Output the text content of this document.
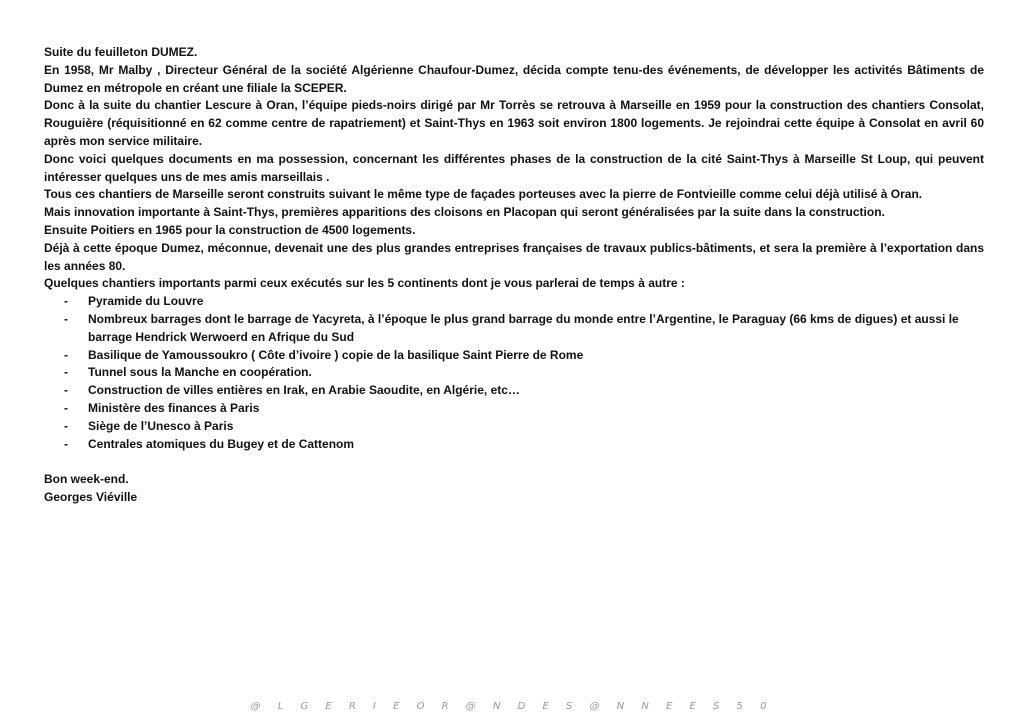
Suite du feuilleton DUMEZ.

En 1958, Mr Malby , Directeur Général de la société Algérienne Chaufour-Dumez, décida compte tenu-des événements, de développer les activités Bâtiments de Dumez en métropole en créant une filiale la SCEPER.

Donc à la suite du chantier Lescure à Oran, l’équipe pieds-noirs dirigé par Mr Torrès se retrouva à Marseille en 1959 pour la construction des chantiers Consolat, Rouguière (réquisitionné en 62 comme centre de rapatriement) et Saint-Thys en 1963 soit environ 1800 logements. Je rejoindrai cette équipe à Consolat en avril 60 après mon service militaire.

Donc voici quelques documents en ma possession, concernant les différentes phases de la construction de la cité Saint-Thys à Marseille St Loup, qui peuvent intéresser quelques uns de mes amis marseillais .

Tous ces chantiers de Marseille seront construits suivant le même type de façades porteuses avec la pierre de Fontvieille comme celui déjà utilisé à Oran.

Mais innovation importante à Saint-Thys, premières apparitions des cloisons en Placopan qui seront généralisées par la suite dans la construction.

Ensuite Poitiers en 1965 pour la construction de 4500 logements.

Déjà à cette époque Dumez, méconnue, devenait une des plus grandes entreprises françaises de travaux publics-bâtiments, et sera la première à l’exportation dans les années 80.

Quelques chantiers importants parmi ceux exécutés sur les 5 continents dont je vous parlerai de temps à autre :

- Pyramide du Louvre
- Nombreux barrages dont le barrage de Yacyreta, à l’époque le plus grand barrage du monde entre l’Argentine, le Paraguay (66 kms de digues) et aussi le barrage Hendrick Werwoerd en Afrique du Sud
- Basilique de Yamoussoukro ( Côte d’ivoire ) copie de la basilique Saint Pierre de Rome
- Tunnel sous la Manche en coopération.
- Construction de villes entières en Irak, en Arabie Saoudite, en Algérie, etc…
- Ministère des finances à Paris
- Siège de l’Unesco à Paris
- Centrales atomiques du Bugey et de Cattenom

Bon week-end.

Georges Viéville

@ L G E R I E O R @ N D E S @ N N E E S 5 0
